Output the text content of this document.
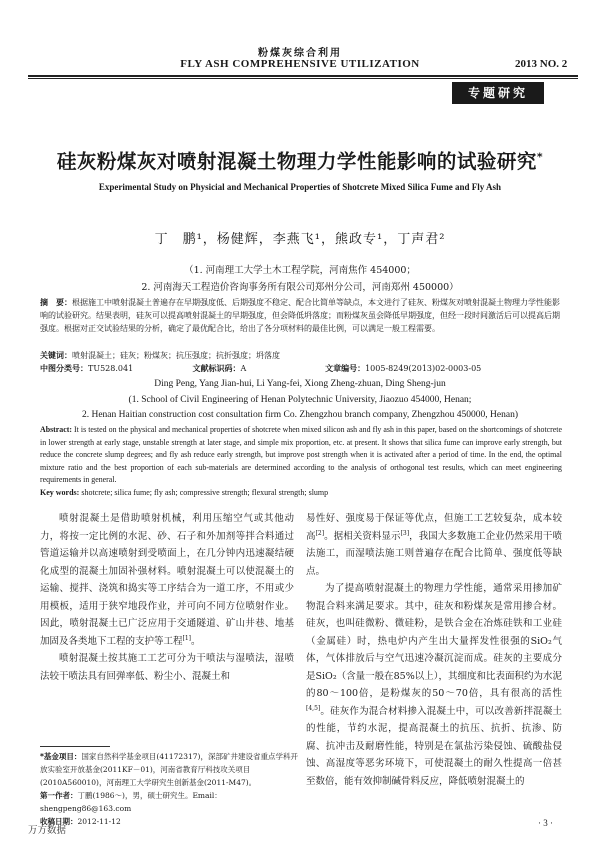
粉煤灰综合利用
FLY ASH COMPREHENSIVE UTILIZATION	2013 NO. 2
专题研究
硅灰粉煤灰对喷射混凝土物理力学性能影响的试验研究*
Experimental Study on Physicial and Mechanical Properties of Shotcrete Mixed Silica Fume and Fly Ash
丁　鹏¹，杨健辉，李燕飞¹，熊政专¹，丁声君²
（1. 河南理工大学土木工程学院，河南焦作 454000；
2. 河南海天工程造价咨询事务所有限公司郑州分公司，河南郑州 450000）
摘　要：根据施工中喷射混凝土普遍存在早期强度低、后期强度不稳定、配合比简单等缺点，本文进行了硅灰、粉煤灰对喷射混凝土物理力学性能影响的试验研究。结果表明，硅灰可以提高喷射混凝土的早期强度，但会降低坍落度；而粉煤灰虽会降低早期强度，但经一段时间激活后可以提高后期强度。根据对正交试验结果的分析，确定了最优配合比，给出了各分项材料的最佳比例，可以满足一般工程需要。
关键词：喷射混凝土；硅灰；粉煤灰；抗压强度；抗折强度；坍落度
中图分类号：TU528.041	文献标识码：A	文章编号：1005-8249(2013)02-0003-05
Ding Peng, Yang Jian-hui, Li Yang-fei, Xiong Zheng-zhuan, Ding Sheng-jun
(1. School of Civil Engineering of Henan Polytechnic University, Jiaozuo 454000, Henan;
2. Henan Haitian construction cost consultation firm Co. Zhengzhou branch company, Zhengzhou 450000, Henan)
Abstract: It is tested on the physical and mechanical properties of shotcrete when mixed silicon ash and fly ash in this paper, based on the shortcomings of shotcrete in lower strength at early stage, unstable strength at later stage, and simple mix proportion, etc. at present. It shows that silica fume can improve early strength, but reduce the concrete slump degrees; and fly ash reduce early strength, but improve post strength when it is activated after a period of time. In the end, the optimal mixture ratio and the best proportion of each sub-materials are determined according to the analysis of orthogonal test results, which can meet engineering requirements in general.
Key words: shotcrete; silica fume; fly ash; compressive strength; flexural strength; slump

喷射混凝土是借助喷射机械，利用压缩空气或其他动力，将按一定比例的水泥、砂、石子和外加剂等拌合料通过管道运输并以高速喷射到受喷面上，在几分钟内迅速凝结硬化成型的混凝土加固补强材料。喷射混凝土可以使混凝土的运输、搅拌、浇筑和捣实等工序结合为一道工序，不用或少用模板，适用于狭窄地段作业，并可向不同方位喷射作业。因此，喷射混凝土已广泛应用于交通隧道、矿山井巷、地基加固及各类地下工程的支护等工程[1]。

喷射混凝土按其施工工艺可分为干喷法与湿喷法，湿喷法较干喷法具有回弹率低、粉尘小、混凝土和

易性好、强度易于保证等优点，但施工工艺较复杂，成本较高[2]。据相关资料显示[3]，我国大多数施工企业仍然采用干喷法施工，而湿喷法施工则普遍存在配合比简单、强度低等缺点。

为了提高喷射混凝土的物理力学性能，通常采用掺加矿物混合料来满足要求。其中，硅灰和粉煤灰是常用掺合材。硅灰，也叫硅微粉、微硅粉，是铁合金在冶炼硅铁和工业硅（金属硅）时，热电炉内产生出大量挥发性很强的SiO₂气体，气体排放后与空气迅速冷凝沉淀而成。硅灰的主要成分是SiO₂（含量一般在85%以上），其细度和比表面积约为水泥的80～100倍，是粉煤灰的50～70倍，具有很高的活性[4,5]。硅灰作为混合材料掺入混凝土中，可以改善新拌混凝土的性能，节约水泥，提高混凝土的抗压、抗折、抗渗、防腐、抗冲击及耐磨性能，特别是在氯盐污染侵蚀、硫酸盐侵蚀、高湿度等恶劣环境下，可使混凝土的耐久性提高一倍甚至数倍，能有效抑制碱骨料反应，降低喷射混凝土的

*基金项目：国家自然科学基金项目(41172317)，深部矿井建设省重点学科开放实验室开放基金(2011KF－01)，河南省教育厅科技攻关项目(2010A560010)，河南理工大学研究生创新基金(2011-M47)。
第一作者：丁鹏(1986～)，男，硕士研究生。Email：shengpeng86@163.com
收稿日期：2012-11-12	· 3 ·
万方数据
